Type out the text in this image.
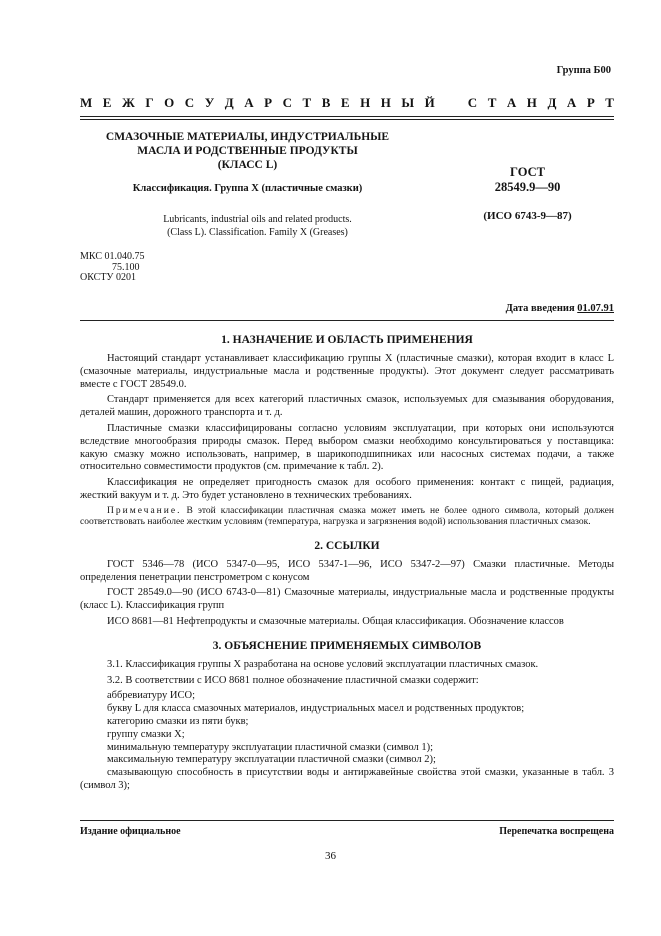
Группа Б00
М Е Ж Г О С У Д А Р С Т В Е Н Н Ы Й	С Т А Н Д А Р Т
СМАЗОЧНЫЕ МАТЕРИАЛЫ, ИНДУСТРИАЛЬНЫЕ
МАСЛА И РОДСТВЕННЫЕ ПРОДУКТЫ
(КЛАСС L)
Классификация. Группа X (пластичные смазки)
Lubricants, industrial oils and related products.
(Class L). Classification. Family X (Greases)
ГОСТ
28549.9—90
(ИСО 6743-9—87)
МКС 01.040.75
75.100
ОКСТУ 0201
Дата введения 01.07.91
1. НАЗНАЧЕНИЕ И ОБЛАСТЬ ПРИМЕНЕНИЯ

Настоящий стандарт устанавливает классификацию группы X (пластичные смазки), которая входит в класс L (смазочные материалы, индустриальные масла и родственные продукты). Этот документ следует рассматривать вместе с ГОСТ 28549.0.

Стандарт применяется для всех категорий пластичных смазок, используемых для смазывания оборудования, деталей машин, дорожного транспорта и т. д.

Пластичные смазки классифицированы согласно условиям эксплуатации, при которых они используются вследствие многообразия природы смазок. Перед выбором смазки необходимо консультироваться у поставщика: какую смазку можно использовать, например, в шарикоподшипниках или насосных системах подачи, а также относительно совместимости продуктов (см. примечание к табл. 2).

Классификация не определяет пригодность смазок для особого применения: контакт с пищей, радиация, жесткий вакуум и т. д. Это будет установлено в технических требованиях.

Примечание. В этой классификации пластичная смазка может иметь не более одного символа, который должен соответствовать наиболее жестким условиям (температура, нагрузка и загрязнения водой) использования пластичных смазок.

2. ССЫЛКИ

ГОСТ 5346—78 (ИСО 5347-0—95, ИСО 5347-1—96, ИСО 5347-2—97) Смазки пластичные. Методы определения пенетрации пенстрометром с конусом

ГОСТ 28549.0—90 (ИСО 6743-0—81) Смазочные материалы, индустриальные масла и родственные продукты (класс L). Классификация групп

ИСО 8681—81 Нефтепродукты и смазочные материалы. Общая классификация. Обозначение классов

3. ОБЪЯСНЕНИЕ ПРИМЕНЯЕМЫХ СИМВОЛОВ

3.1. Классификация группы X разработана на основе условий эксплуатации пластичных смазок.

3.2. В соответствии с ИСО 8681 полное обозначение пластичной смазки содержит:

аббревиатуру ИСО;

букву L для класса смазочных материалов, индустриальных масел и родственных продуктов;

категорию смазки из пяти букв;

группу смазки X;

минимальную температуру эксплуатации пластичной смазки (символ 1);

максимальную температуру эксплуатации пластичной смазки (символ 2);

смазывающую способность в присутствии воды и антиржавейные свойства этой смазки, указанные в табл. 3 (символ 3);

Издание официальное	Перепечатка воспрещена
36
